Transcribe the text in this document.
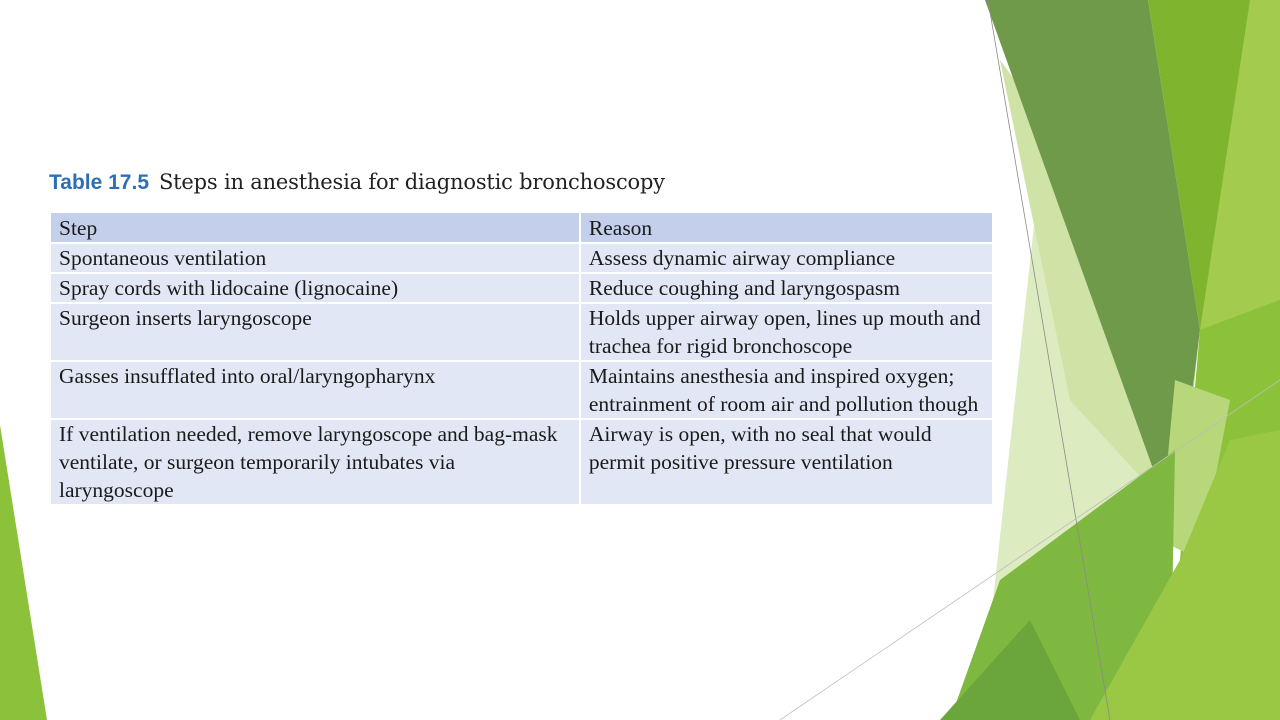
Table 17.5 Steps in anesthesia for diagnostic bronchoscopy
Step	Reason
Spontaneous ventilation	Assess dynamic airway compliance
Spray cords with lidocaine (lignocaine)	Reduce coughing and laryngospasm
Surgeon inserts laryngoscope	Holds upper airway open, lines up mouth and trachea for rigid bronchoscope
Gasses insufflated into oral/laryngopharynx	Maintains anesthesia and inspired oxygen; entrainment of room air and pollution though
If ventilation needed, remove laryngoscope and bag-mask ventilate, or surgeon temporarily intubates via laryngoscope	Airway is open, with no seal that would permit positive pressure ventilation
